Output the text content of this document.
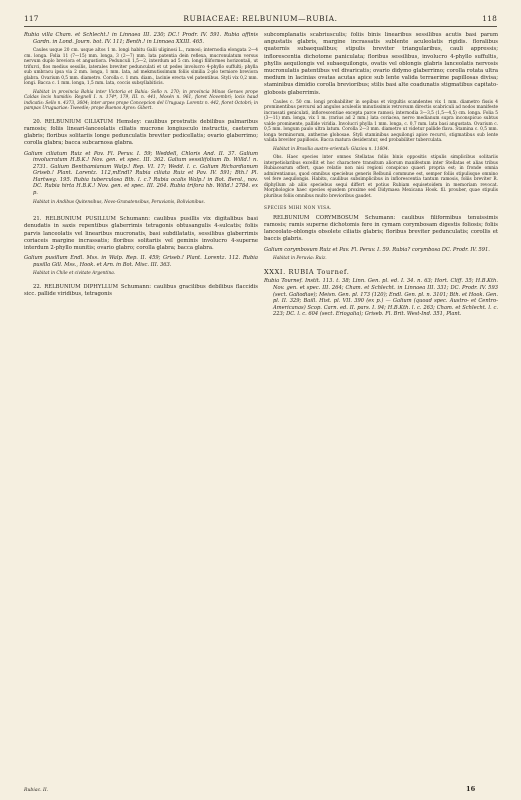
117	RUBIACEAE: RELBUNIUM—RUBIA.	118

Rubia villa Cham. et Schlecht.! in Linnaea III. 230; DC.! Prodr. IV. 591. Rubia affinis Gardn. in Lond. Journ. bot. IV. 111; Benth.! in Linnaea XXIII. 465.

Caules usque 20 cm. usque altos 1 m. longi habitu Galii uliginosi L., ramosi; internodia elongata 2—4 cm. longa. Folia 11 (7—15) mm. longa, 3 (2—7) mm. lata patentia dein reflexa, mucronulatum versus nervum duplo breviora et angustiora. Pedunculi 1,5—2, interdum ad 5 cm. longi filiformes horizontali, ut trifurci, flos medius sessilis, laterales breviter pedunculati et ut pedes involucro 4-phyllo suffulti; phylla sub umbracu ipsa via 2 mm. longa, 1 mm. lata, ad mekmutissimum foliis similia 2-plo terniore breviora glabra. Ovarium 0,5 mm. diametro. Corolla c. 1 mm. diam., lacinie erecta vel patentibus. Styli vix 0,2 mm. longi. Bacca c. 1 mm. longa, 1,5 mm. lata, coccis subsyllabiticis.

Habitat in provincia Bahia inter Victoria et Bahia: Sello n. 270; in provincia Minas Geraes prope Caldas locis humidis: Regnell I. n. 174*, 179, III. n. 441, Mosén n. 961, floret Novembri; locis haud indicatis: Sello n. 4373, 3604; inter arpes prope Concepcion del Uruguay: Lorentz n. 442, floret Octobri; in pampas Uruguariae: Tweedie; prope Buenos Ayres: Gibert.

20. RELBUNIUM CILIATUM Hemsley: caulibus prostratis debilibus palmaribus ramosis; foliis lineari-lanceolatis ciliatis mucrone longiusculo instructis, caeterum glabris; floribus solitariis longe pedunculatis breviter pedicellatis; ovario glaberrimo; corolla glabra; bacca subcarnosa glabra.

Galium ciliatum Ruiz et Pav. Fl. Peruv. I. 59; Weddell, Chloris And. II. 37. Galium involucratum H.B.K.! Nov. gen. et spec. III. 362. Galium sessilifolium Ib. Willd.! n. 2731. Galium Benthamianum Walp.! Rep. VI. 17; Wedd. l. c. Galium Richardianum Griseb.! Plant. Lorentz. 112,mEndl? Rubia ciliata Ruiz et Pav. IV. 591; Bth.! Pl. Hartweg. 195. Rubia tuberculosa Bth. l. c.? Rubia ocalis Walp.! in Bot. Berol., nov. DC. Rubia hirta H.B.K.! Nov. gen. et spec. III. 264. Rubia trifora hb. Willd.! 2784. ex p.

Habitat in Andibus Quitensibus, Novo-Granatensibus, Peruvianis, Bolivianibus.

21. RELBUNIUM PUSILLUM Schumann: caulibus pusillis vix digitalibus basi denudatis in saxis repentibus glaberrimis tetragonis obtusangulis 4-sulcatis; foliis parvis lanceolatis vel linearibus mucronatis, basi subdilatatis, sessilibus glaberrimis coriaceis margine incrassatis; floribus solitariis vel geminis involucro 4-superne interdum 2-phyllo munitis; ovario glabro; corolla glabra; bacca glabra.

Galium pusillum Endl. Mss. in Walp. Rep. II. 459; Griseb.! Plant. Lorentz. 112. Rubia pusilla Gill. Mss., Hook. et Arn. in Bot. Misc. III. 363.

Habitat in Chile et civitate Argentina.

22. RELBUNIUM DIPHYLLUM Schumann: caulibus gracilibus debilibus flaccidis sicc. pallide viridibus, tetragonis

subcomplanatis scabriusculis; foliis binis linearibus sessilibus acutis basi parum angustatis glabris, margine incrassatis sublente aculeolatis rigidis. floralibus quaternis subaequalibus; stipulis breviter triangularibus, cauli appressis; inflorescentia dichotome paniculata; floribus sessilibus, involucro 4-phyllo suffultis, phyllis aequilongis vel subaequilongis, ovatis vel oblongis glabris lanceolatis nervosis mucronulatis patentibus vel divaricatis; ovario didymo glaberrimo; corolla rotata ultra medium in lacinias ovatas acutas apice sub lente valida terraerime papillosas divisa; staminibus dimidio corolla brevioribus; stilis basi alte coadunatis stigmatibus capitato-globosis glaberrimis.

Caules c. 50 cm. longi probabiliter in sepibus et virgultis scandentes vix 1 mm. diametro fissis 4 prominentibus percursi ad angulos aculeolis minutissimis retrorsum directis scabriculi ad nodos manifeste incrassati geniculati, inflorescentiae excepta parce ramosi; internodia 3—3,5 (1,5—4,5) cm. longa. Folia 5 (3—11) mm. longa, vix 1 m. (rarius ad 2 mm.) lata coriacea, nervo medianum supra inconspicuo subtus valde prominente, pallide viridia. Involucri phylla 1 mm. longa, c. 0,7 mm. lata basi angustata. Ovarium c. 0,5 mm. longum paulo ultra latum. Corolla 2—3 mm. diametro ut videtur pallide flava. Stamina c. 0,5 mm. longa terminorum, antherae globosae. Styli staminibus aequilongi apice recurvi, stigmatibus sub lente valida breviter papillosis. Bacca matura desideratur, sed probabiliter tuberculata.

Habitat in Brasilia austro-orientali: Glaziou n. 11604.

Obs. Haec species inter omnes Stellatas foliis binis oppositis stipulis simplicibus solitariis interpetiolaribus excellit et hoc charactere transitum aliorum manifestum inter Stellatas et alias tribus Rubiacearum offert, quae relatio non nisi regioni conspicuo quaeri propria est; in fronde omnia admirentianus, quod omnibus speciebus generis Relbunii commune est, semper foliis stipulisque omnino vel fere aequilongis. Habitu, caulibus subsimplicibus in inflorescentia tantum ramosis, foliis breviter R. diphyllum ab aliis speciebus sequi differt et potius Rubiam equisetoidem in memoriam revocat. Morphologice haec species ejusdem proxime sed Didymaea Mexicana Hook. fil. prouber, quae stipulis pluribus foliis omnibus multo brevioribus gaudet.

SPECIES MIHI NON VISA.

RELBUNIUM CORYMBOSUM Schumann: caulibus filiformibus tenuissimis ramosis; ramis superne dichotomis fere in cymam corymbosam digestis foliosis; foliis lanceolato-oblongis obsolete ciliatis glabris; floribus breviter pedunculatis; corollis et baccis glabris.

Galium corymbosum Ruiz et Pav. Fl. Peruv. I. 59. Rubia? corymbosa DC. Prodr. IV. 591.

Habitat in Peruvia: Ruiz.

XXXI. RUBIA Tournef.

Rubia Tournef. Instit. 113. t. 38; Linn. Gen. pl. ed. I. 34. n. 63; Hort. Cliff. 35; H.B.Kth. Nov. gen. et spec. III. 264; Cham. et Schlecht. in Linnaea III. 331; DC. Prodr. IV. 593 (sect. Galiodiae); Meisn. Gen. pl. 173 (120); Endl. Gen. pl. n. 3101; Bth. et Hook. Gen. pl. II. 329; Baill. Hist. pl. VII. 390 (ex p.) — Galium (quoad spec. Austro- et Centro-Americanas) Scop. Carn. ed. II. pars. I. 94; H.B.Kth. l. c. 263; Cham. et Schlecht. l. c. 223; DC. l. c. 604 (sect. Eriogalia); Griseb. Fl. Brit. West-Ind. 351, Plant.

Rubiac. II.	16
